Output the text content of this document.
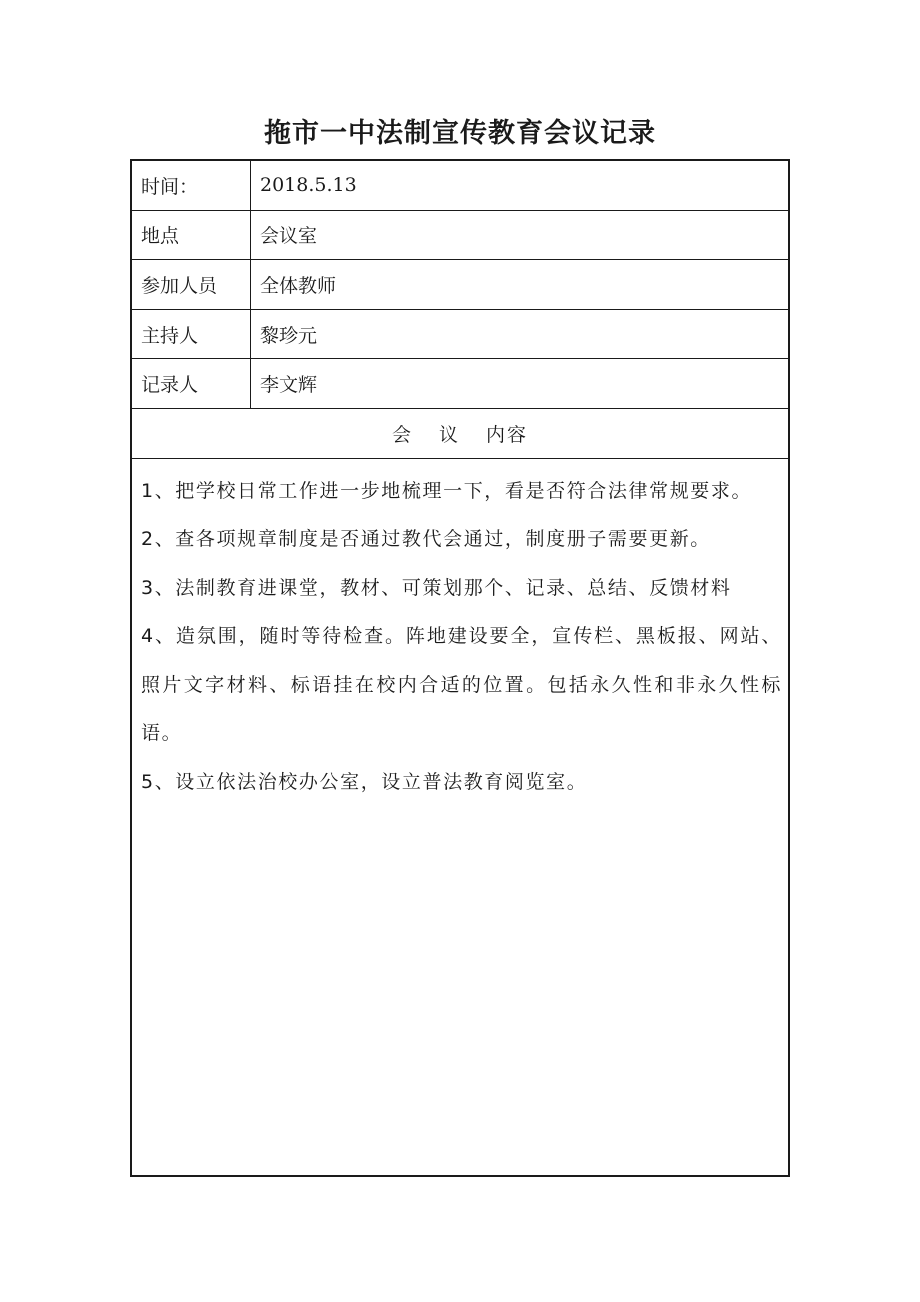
拖市一中法制宣传教育会议记录
时间：	2018.5.13
地点	会议室
参加人员	全体教师
主持人	黎珍元
记录人	李文辉
会 议 内容

1、把学校日常工作进一步地梳理一下，看是否符合法律常规要求。

2、查各项规章制度是否通过教代会通过，制度册子需要更新。

3、法制教育进课堂，教材、可策划那个、记录、总结、反馈材料

4、造氛围，随时等待检查。阵地建设要全，宣传栏、黑板报、网站、照片文字材料、标语挂在校内合适的位置。包括永久性和非永久性标语。

5、设立依法治校办公室，设立普法教育阅览室。
